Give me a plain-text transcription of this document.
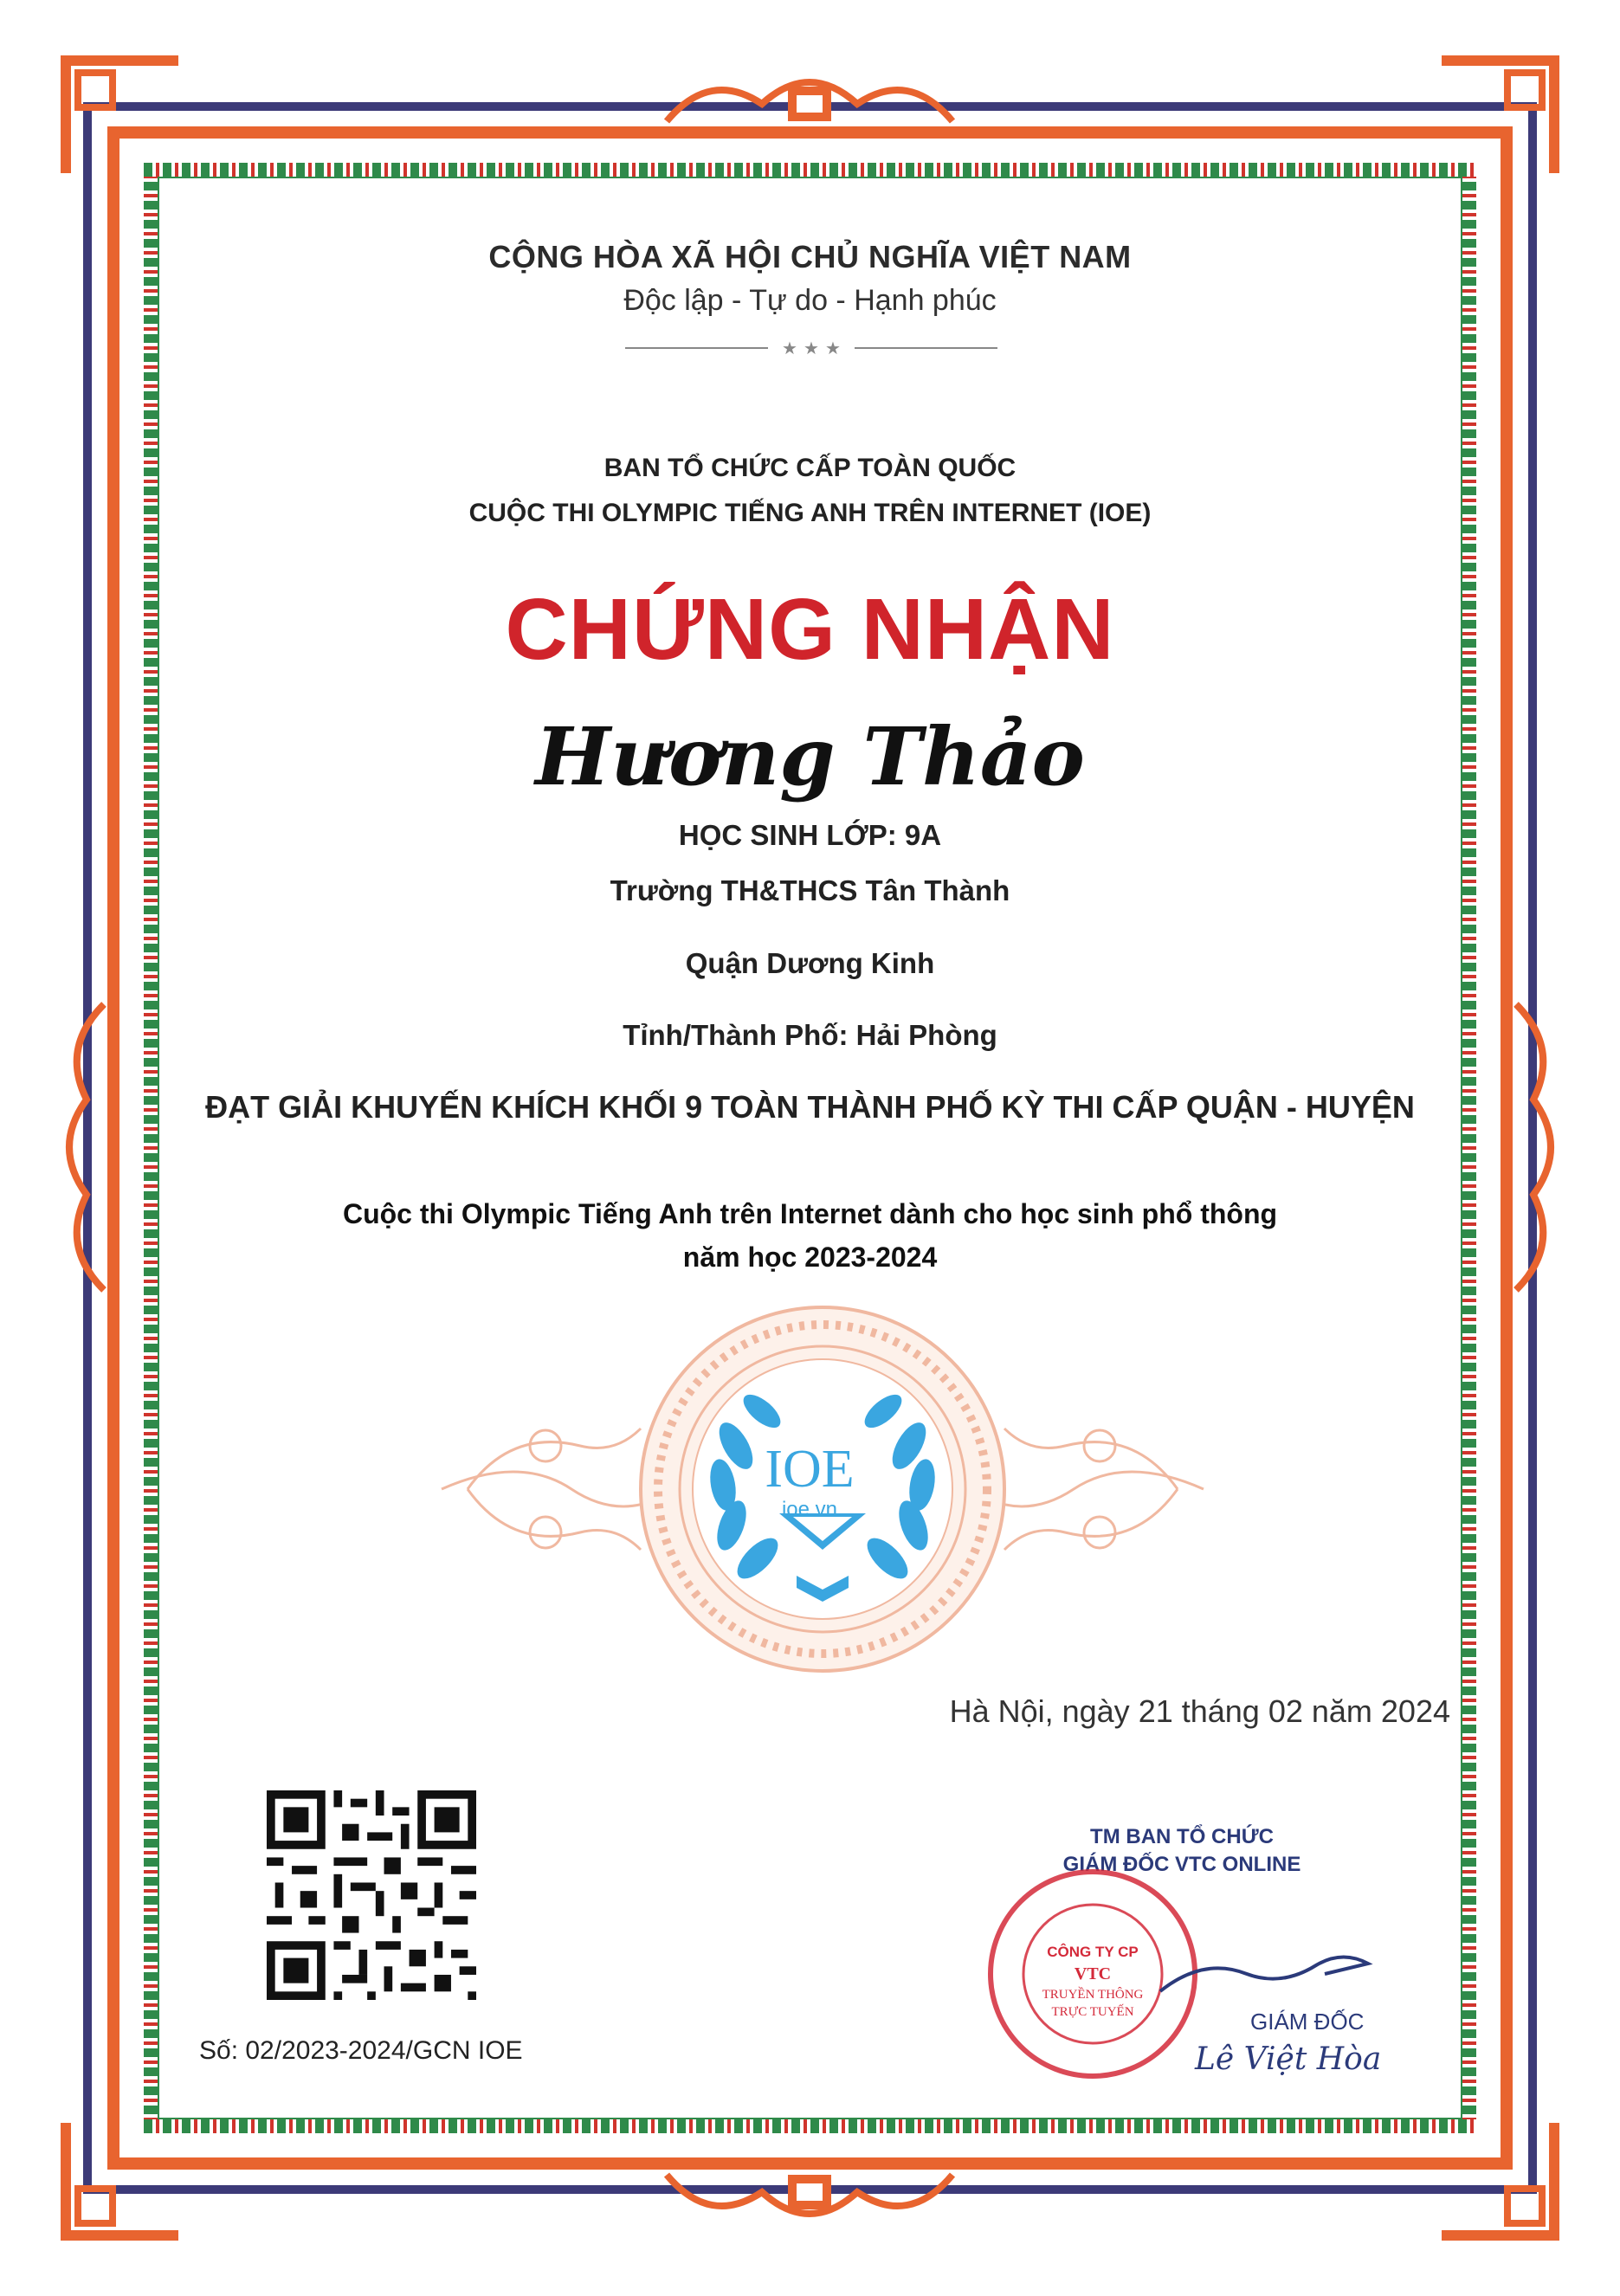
CỘNG HÒA XÃ HỘI CHỦ NGHĨA VIỆT NAM

Độc lập - Tự do - Hạnh phúc

★ ★ ★

BAN TỔ CHỨC CẤP TOÀN QUỐC

CUỘC THI OLYMPIC TIẾNG ANH TRÊN INTERNET (IOE)

CHỨNG NHẬN

Hương Thảo

HỌC SINH LỚP: 9A

Trường TH&THCS Tân Thành

Quận Dương Kinh

Tỉnh/Thành Phố: Hải Phòng

ĐẠT GIẢI KHUYẾN KHÍCH KHỐI 9 TOÀN THÀNH PHỐ KỲ THI CẤP QUẬN - HUYỆN

Cuộc thi Olympic Tiếng Anh trên Internet dành cho học sinh phổ thông

năm học 2023-2024

IOE

ioe.vn

Hà Nội, ngày 21 tháng 02 năm 2024

Số: 02/2023-2024/GCN IOE

TM BAN TỔ CHỨC

GIÁM ĐỐC VTC ONLINE

CÔNG TY CP
VTC
TRUYỀN THÔNG
TRỰC TUYẾN	GIÁM ĐỐC

Lê Việt Hòa
